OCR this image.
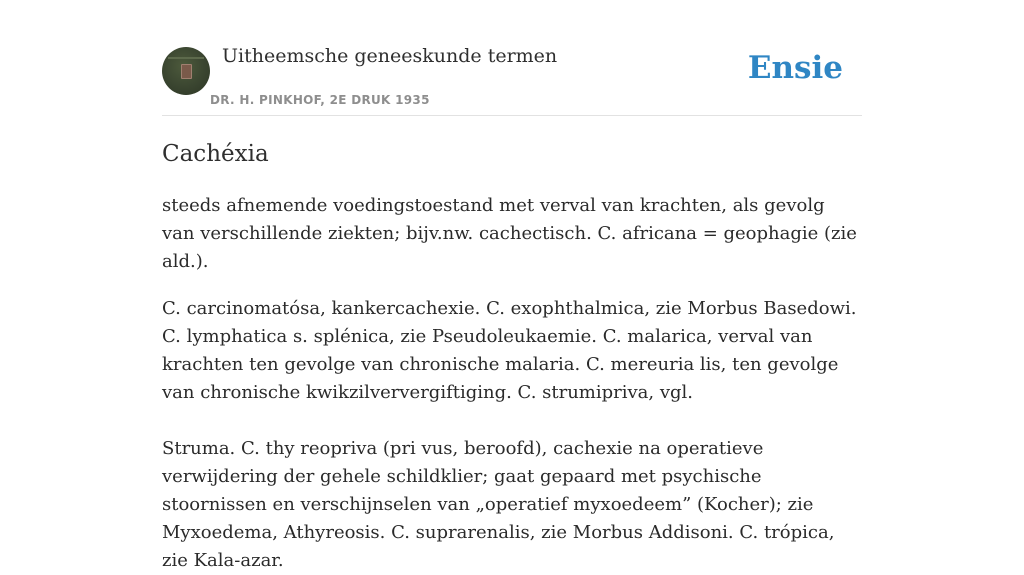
Uitheemsche geneeskunde termen
DR. H. PINKHOF, 2E DRUK 1935
Ensie
Cachéxia

steeds afnemende voedingstoestand met verval van krachten, als gevolg van verschillende ziekten; bijv.nw. cachectisch. C. africana = geophagie (zie ald.).

C. carcinomatósa, kankercachexie. C. exophthalmica, zie Morbus Basedowi. C. lymphatica s. splénica, zie Pseudoleukaemie. C. malarica, verval van krachten ten gevolge van chronische malaria. C. mereuria lis, ten gevolge van chronische kwikzilververgiftiging. C. strumipriva, vgl.

Struma. C. thy reopriva (pri vus, beroofd), cachexie na operatieve verwijdering der gehele schildklier; gaat gepaard met psychische stoornissen en verschijnselen van „operatief myxoedeem” (Kocher); zie Myxoedema, Athyreosis. C. suprarenalis, zie Morbus Addisoni. C. trópica, zie Kala-azar.
